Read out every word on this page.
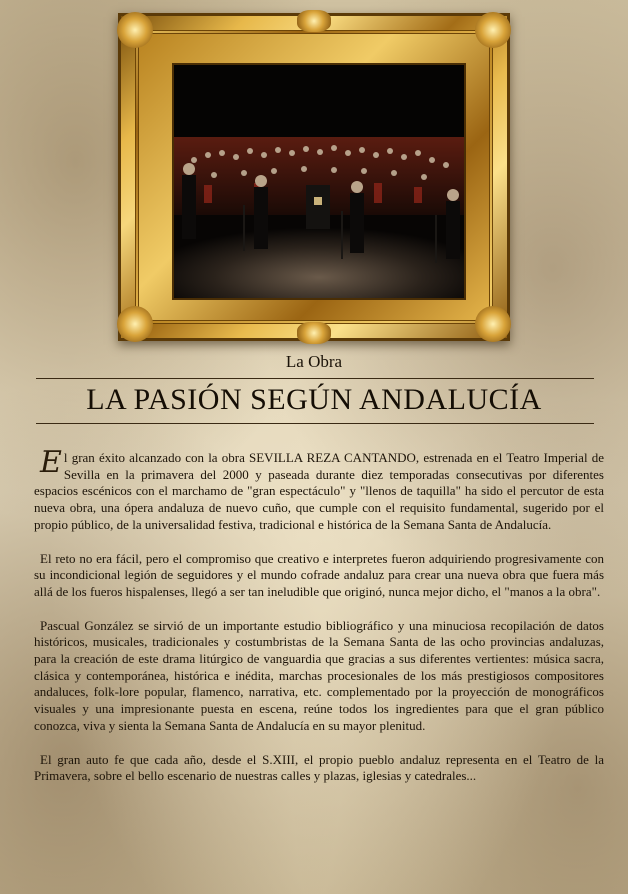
La Obra
LA PASIÓN SEGÚN ANDALUCÍA

El gran éxito alcanzado con la obra SEVILLA REZA CANTANDO, estrenada en el Teatro Imperial de Sevilla en la primavera del 2000 y paseada durante diez temporadas consecutivas por diferentes espacios escénicos con el marchamo de "gran espectáculo" y "llenos de taquilla" ha sido el percutor de esta nueva obra, una ópera andaluza de nuevo cuño, que cumple con el requisito fundamental, sugerido por el propio público, de la universalidad festiva, tradicional e histórica de la Semana Santa de Andalucía.

El reto no era fácil, pero el compromiso que creativo e interpretes fueron adquiriendo progresivamente con su incondicional legión de seguidores y el mundo cofrade andaluz para crear una nueva obra que fuera más allá de los fueros hispalenses, llegó a ser tan ineludible que originó, nunca mejor dicho, el "manos a la obra".

Pascual González se sirvió de un importante estudio bibliográfico y una minuciosa recopilación de datos históricos, musicales, tradicionales y costumbristas de la Semana Santa de las ocho provincias andaluzas, para la creación de este drama litúrgico de vanguardia que gracias a sus diferentes vertientes: música sacra, clásica y contemporánea, histórica e inédita, marchas procesionales de los más prestigiosos compositores andaluces, folk-lore popular, flamenco, narrativa, etc. complementado por la proyección de monográficos visuales y una impresionante puesta en escena, reúne todos los ingredientes para que el gran público conozca, viva y sienta la Semana Santa de Andalucía en su mayor plenitud.

El gran auto fe que cada año, desde el S.XIII, el propio pueblo andaluz representa en el Teatro de la Primavera, sobre el bello escenario de nuestras calles y plazas, iglesias y catedrales...
